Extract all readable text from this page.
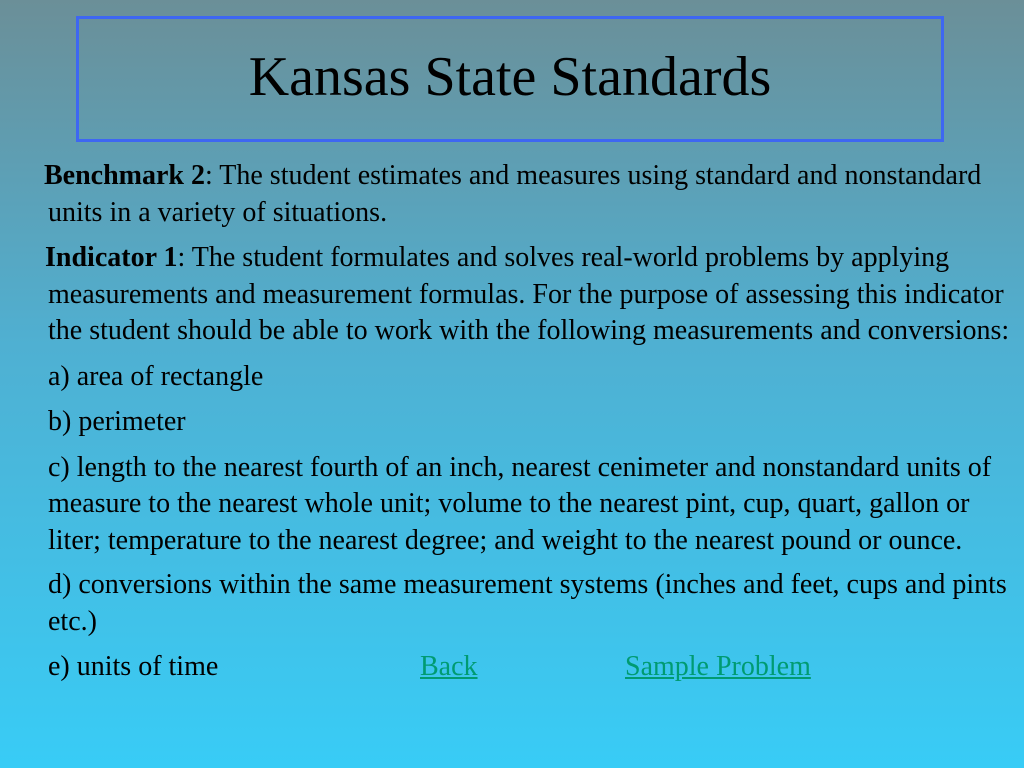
Kansas State Standards

Benchmark 2: The student estimates and measures using standard and nonstandard units in a variety of situations.

Indicator 1: The student formulates and solves real-world problems by applying measurements and measurement formulas. For the purpose of assessing this indicator the student should be able to work with the following measurements and conversions:

a) area of rectangle

b) perimeter

c) length to the nearest fourth of an inch, nearest cenimeter and nonstandard units of measure to the nearest whole unit; volume to the nearest pint, cup, quart, gallon or liter; temperature to the nearest degree; and weight to the nearest pound or ounce.

d) conversions within the same measurement systems (inches and feet, cups and pints etc.)

e) units of time	Back	Sample Problem
